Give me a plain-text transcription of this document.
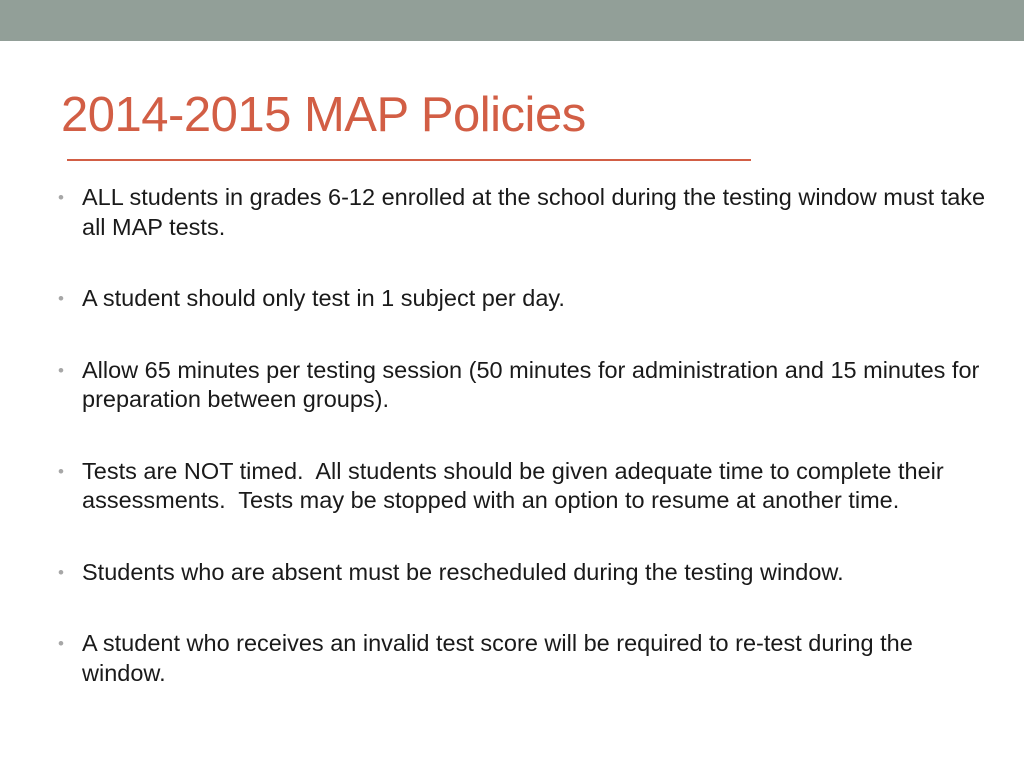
2014-2015 MAP Policies
• ALL students in grades 6-12 enrolled at the school during the testing window must take all MAP tests.
• A student should only test in 1 subject per day.
• Allow 65 minutes per testing session (50 minutes for administration and 15 minutes for preparation between groups).
• Tests are NOT timed.  All students should be given adequate time to complete their assessments.  Tests may be stopped with an option to resume at another time.
• Students who are absent must be rescheduled during the testing window.
• A student who receives an invalid test score will be required to re-test during the window.
